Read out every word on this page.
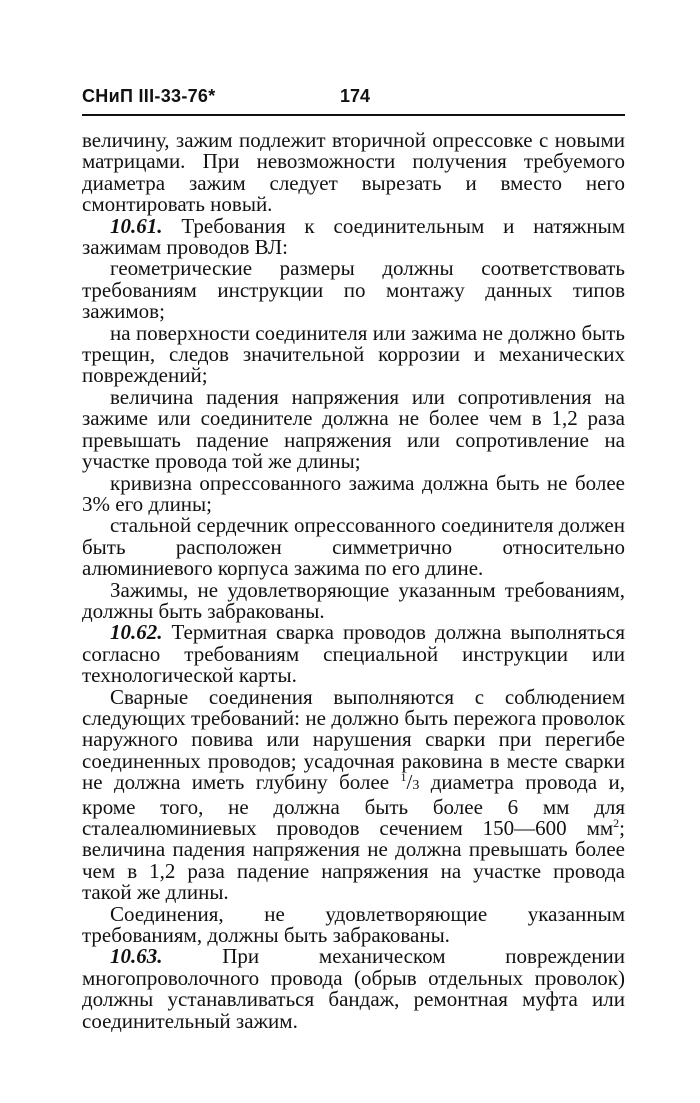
СНиП III-33-76*	174

величину, зажим подлежит вторичной опрессовке с новыми матрицами. При невозможности получения требуемого диаметра зажим следует вырезать и вместо него смонтировать новый.

10.61. Требования к соединительным и натяжным зажимам проводов ВЛ:

геометрические размеры должны соответствовать требованиям инструкции по монтажу данных типов зажимов;

на поверхности соединителя или зажима не должно быть трещин, следов значительной коррозии и механических повреждений;

величина падения напряжения или сопротивления на зажиме или соединителе должна не более чем в 1,2 раза превышать падение напряжения или сопротивление на участке провода той же длины;

кривизна опрессованного зажима должна быть не более 3% его длины;

стальной сердечник опрессованного соединителя должен быть расположен симметрично относительно алюминиевого корпуса зажима по его длине.

Зажимы, не удовлетворяющие указанным требованиям, должны быть забракованы.

10.62. Термитная сварка проводов должна выполняться согласно требованиям специальной инструкции или технологической карты.

Сварные соединения выполняются с соблюдением следующих требований: не должно быть пережога проволок наружного повива или нарушения сварки при перегибе соединенных проводов; усадочная раковина в месте сварки не должна иметь глубину более $^1$/3 диаметра провода и, кроме того, не должна быть более 6 мм для сталеалюминиевых проводов сечением 150—600 $мм^2$; величина падения напряжения не должна превышать более чем в 1,2 раза падение напряжения на участке провода такой же длины.

Соединения, не удовлетворяющие указанным требованиям, должны быть забракованы.

10.63. При механическом повреждении многопроволочного провода (обрыв отдельных проволок) должны устанавливаться бандаж, ремонтная муфта или соединительный зажим.
